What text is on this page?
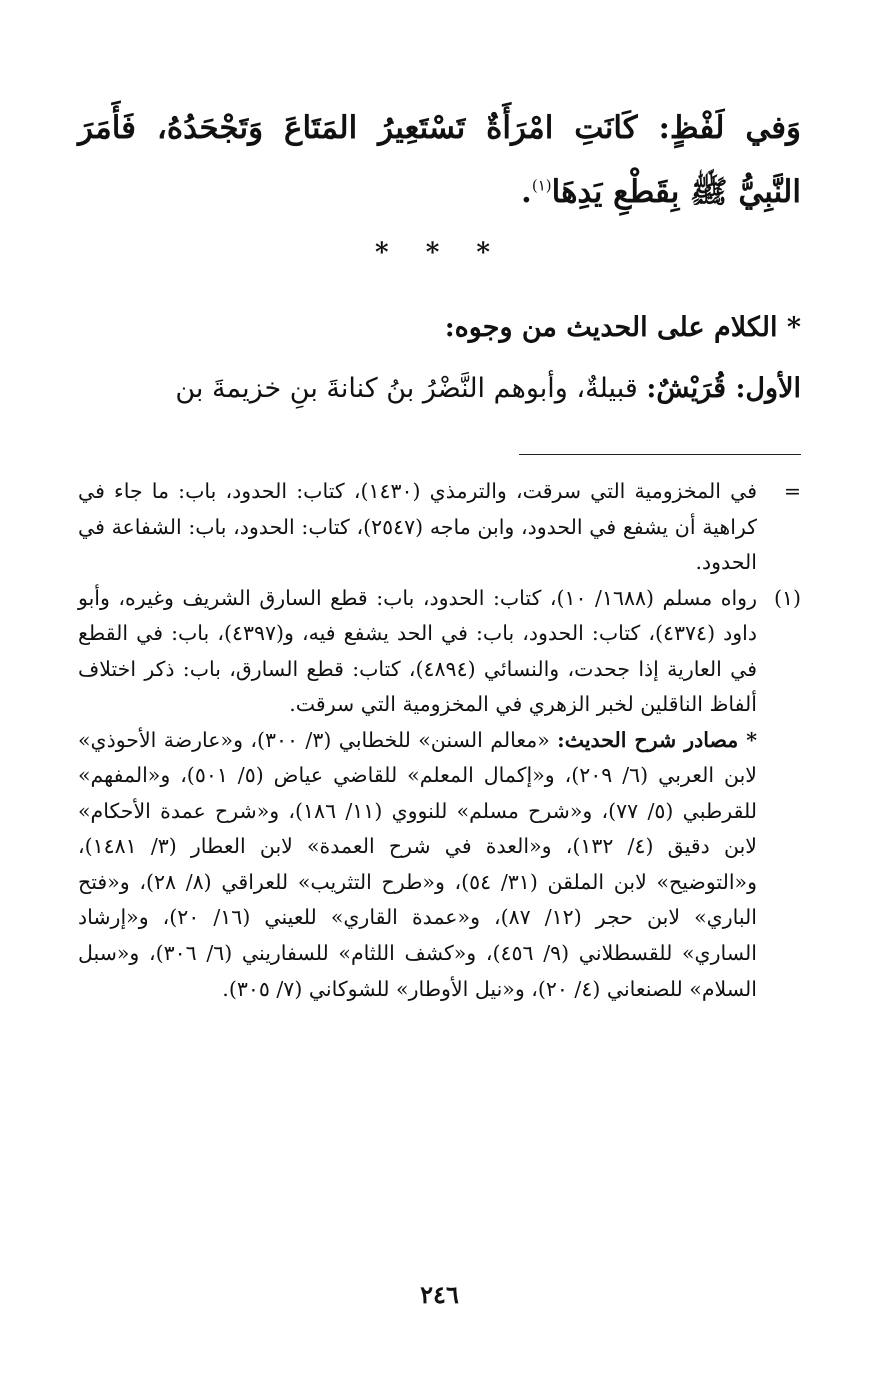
وَفي لَفْظٍ: كَانَتِ امْرَأَةٌ تَسْتَعِيرُ المَتَاعَ وَتَجْحَدُهُ، فَأَمَرَ النَّبِيُّ ﷺ بِقَطْعِ يَدِهَا$^{(١)}$.
* * *
* الكلام على الحديث من وجوه:
الأول: قُرَيْشٌ: قبيلةٌ، وأبوهم النَّضْرُ بنُ كنانةَ بنِ خزيمةَ بن
=
في المخزومية التي سرقت، والترمذي (١٤٣٠)، كتاب: الحدود، باب: ما جاء في كراهية أن يشفع في الحدود، وابن ماجه (٢٥٤٧)، كتاب: الحدود، باب: الشفاعة في الحدود.
(١)
رواه مسلم (١٦٨٨/ ١٠)، كتاب: الحدود، باب: قطع السارق الشريف وغيره، وأبو داود (٤٣٧٤)، كتاب: الحدود، باب: في الحد يشفع فيه، و(٤٣٩٧)، باب: في القطع في العارية إذا جحدت، والنسائي (٤٨٩٤)، كتاب: قطع السارق، باب: ذكر اختلاف ألفاظ الناقلين لخبر الزهري في المخزومية التي سرقت.
* مصادر شرح الحديث: «معالم السنن» للخطابي (٣/ ٣٠٠)، و«عارضة الأحوذي» لابن العربي (٦/ ٢٠٩)، و«إكمال المعلم» للقاضي عياض (٥/ ٥٠١)، و«المفهم» للقرطبي (٥/ ٧٧)، و«شرح مسلم» للنووي (١١/ ١٨٦)، و«شرح عمدة الأحكام» لابن دقيق (٤/ ١٣٢)، و«العدة في شرح العمدة» لابن العطار (٣/ ١٤٨١)، و«التوضيح» لابن الملقن (٣١/ ٥٤)، و«طرح التثريب» للعراقي (٨/ ٢٨)، و«فتح الباري» لابن حجر (١٢/ ٨٧)، و«عمدة القاري» للعيني (١٦/ ٢٠)، و«إرشاد الساري» للقسطلاني (٩/ ٤٥٦)، و«كشف اللثام» للسفاريني (٦/ ٣٠٦)، و«سبل السلام» للصنعاني (٤/ ٢٠)، و«نيل الأوطار» للشوكاني (٧/ ٣٠٥).
٢٤٦
